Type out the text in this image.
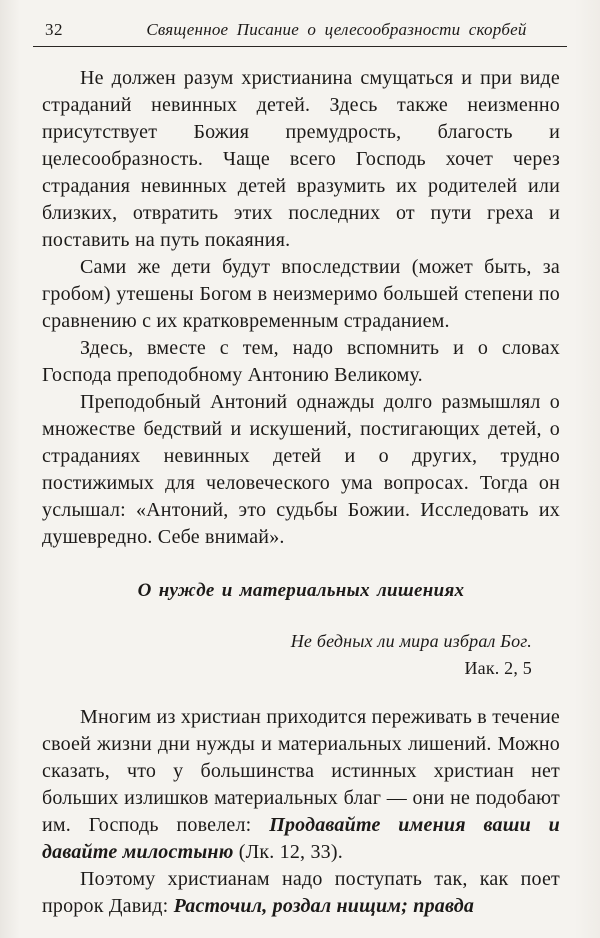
32	Священное Писание о целесообразности скорбей

Не должен разум христианина смущаться и при виде страданий невинных детей. Здесь также неизменно присутствует Божия премудрость, благость и целесообразность. Чаще всего Господь хочет через страдания невинных детей вразумить их родителей или близких, отвратить этих последних от пути греха и поставить на путь покаяния.

Сами же дети будут впоследствии (может быть, за гробом) утешены Богом в неизмеримо большей степени по сравнению с их кратковременным страданием.

Здесь, вместе с тем, надо вспомнить и о словах Господа преподобному Антонию Великому.

Преподобный Антоний однажды долго размышлял о множестве бедствий и искушений, постигающих детей, о страданиях невинных детей и о других, трудно постижимых для человеческого ума вопросах. Тогда он услышал: «Антоний, это судьбы Божии. Исследовать их душевредно. Себе внимай».

О нужде и материальных лишениях
Не бедных ли мира избрал Бог.
Иак. 2, 5

Многим из христиан приходится переживать в течение своей жизни дни нужды и материальных лишений. Можно сказать, что у большинства истинных христиан нет больших излишков материальных благ — они не подобают им. Господь повелел: Продавайте имения ваши и давайте милостыню (Лк. 12, 33).

Поэтому христианам надо поступать так, как поет пророк Давид: Расточил, роздал нищим; правда
